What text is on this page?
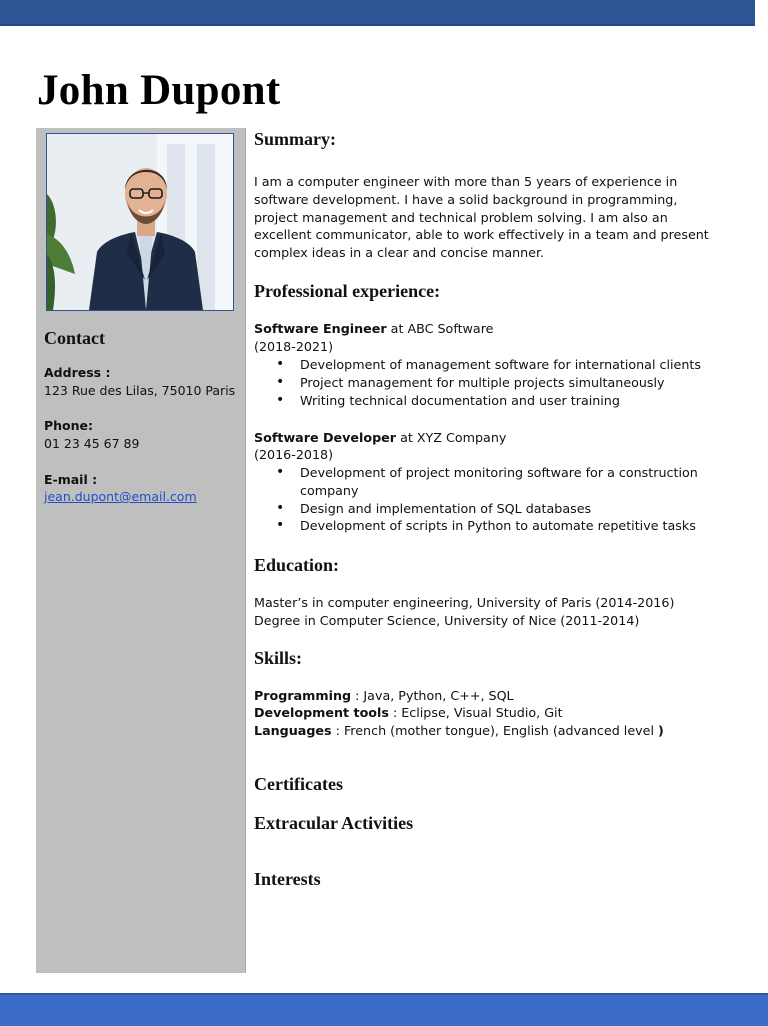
John Dupont
Contact
Address :
123 Rue des Lilas, 75010 Paris
Phone:
01 23 45 67 89
E-mail :
jean.dupont@email.com
Summary:

I am a computer engineer with more than 5 years of experience in software development. I have a solid background in programming, project management and technical problem solving. I am also an excellent communicator, able to work effectively in a team and present complex ideas in a clear and concise manner.

Professional experience:
Software Engineer at ABC Software
(2018-2021)
• Development of management software for international clients
• Project management for multiple projects simultaneously
• Writing technical documentation and user training
Software Developer at XYZ Company
(2016-2018)
• Development of project monitoring software for a construction company
• Design and implementation of SQL databases
• Development of scripts in Python to automate repetitive tasks
Education:
Master’s in computer engineering, University of Paris (2014-2016)
Degree in Computer Science, University of Nice (2011-2014)
Skills:
Programming : Java, Python, C++, SQL
Development tools : Eclipse, Visual Studio, Git
Languages : French (mother tongue), English (advanced level )
Certificates
Extracular Activities
Interests
